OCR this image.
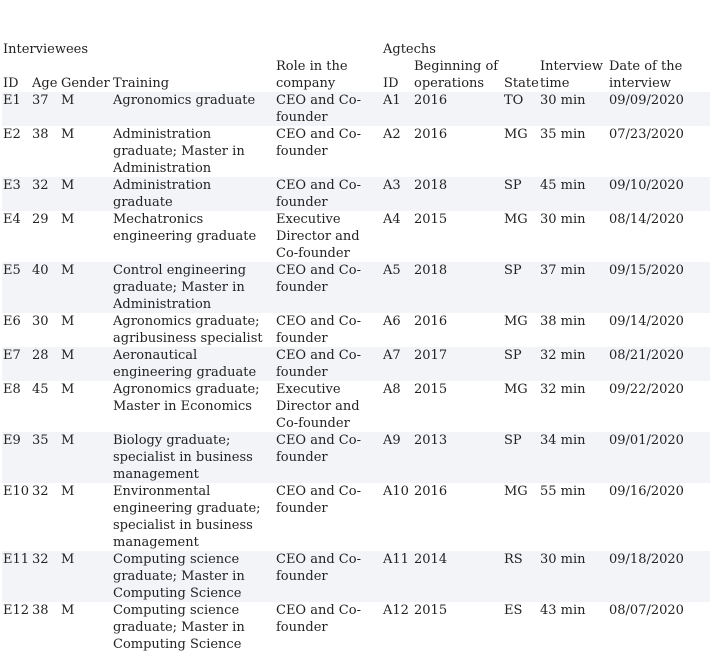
Interviewees					Agtechs				
ID	Age	Gender	Training	Role in the company	ID	Beginning of operations	State	Interview time	Date of the interview
E1	37	M	Agronomics graduate	CEO and Co-founder	A1	2016	TO	30 min	09/09/2020
E2	38	M	Administration graduate; Master in Administration	CEO and Co-founder	A2	2016	MG	35 min	07/23/2020
E3	32	M	Administration graduate	CEO and Co-founder	A3	2018	SP	45 min	09/10/2020
E4	29	M	Mechatronics engineering graduate	Executive Director and Co-founder	A4	2015	MG	30 min	08/14/2020
E5	40	M	Control engineering graduate; Master in Administration	CEO and Co-founder	A5	2018	SP	37 min	09/15/2020
E6	30	M	Agronomics graduate; agribusiness specialist	CEO and Co-founder	A6	2016	MG	38 min	09/14/2020
E7	28	M	Aeronautical engineering graduate	CEO and Co-founder	A7	2017	SP	32 min	08/21/2020
E8	45	M	Agronomics graduate; Master in Economics	Executive Director and Co-founder	A8	2015	MG	32 min	09/22/2020
E9	35	M	Biology graduate; specialist in business management	CEO and Co-founder	A9	2013	SP	34 min	09/01/2020
E10	32	M	Environmental engineering graduate; specialist in business management	CEO and Co-founder	A10	2016	MG	55 min	09/16/2020
E11	32	M	Computing science graduate; Master in Computing Science	CEO and Co-founder	A11	2014	RS	30 min	09/18/2020
E12	38	M	Computing science graduate; Master in Computing Science	CEO and Co-founder	A12	2015	ES	43 min	08/07/2020
